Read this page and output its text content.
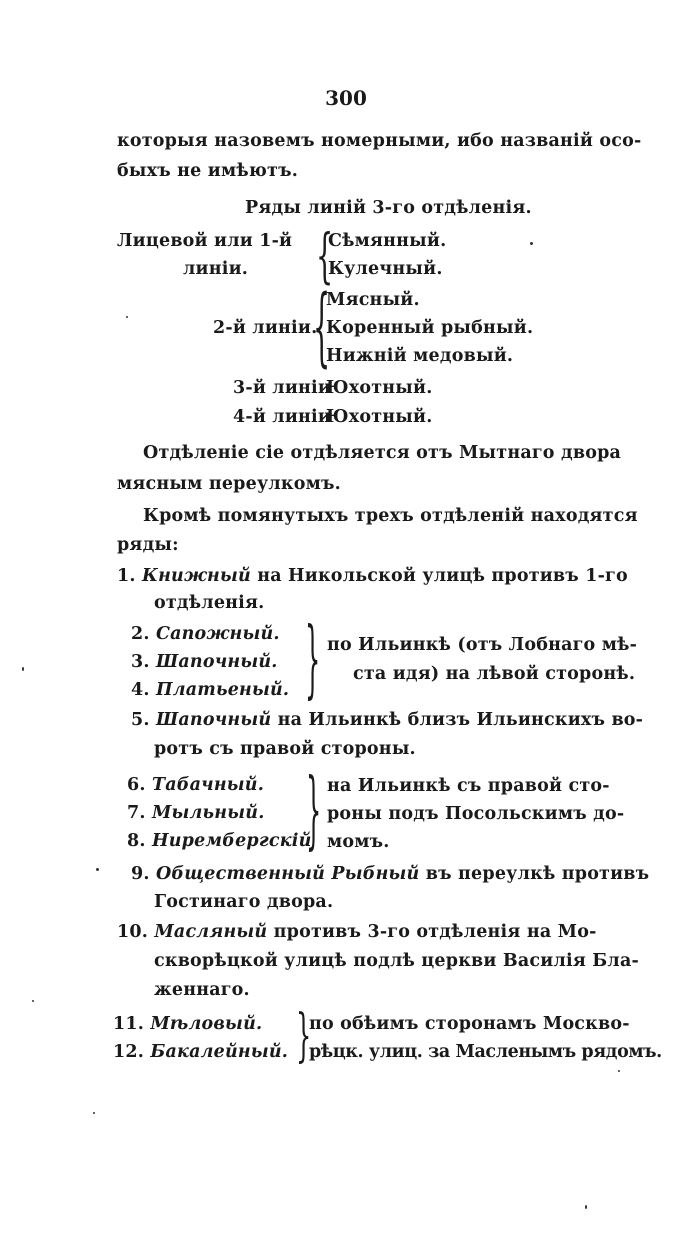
300
которыя назовемъ номерными, ибо названій осо-
быхъ не имѣютъ.
Ряды линій 3-го отдѣленія.
Лицевой или 1-й
линіи. {
Сѣмянный.
Кулечный.
2-й линіи.
{
Мясный.
Коренный рыбный.
Нижній медовый.
3-й линіи
Юхотный.
4-й линіи
Юхотный.
Отдѣленіе сіе отдѣляется отъ Мытнаго двора
мясным переулкомъ.
Кромѣ помянутыхъ трехъ отдѣленій находятся
ряды:
1. Книжный на Никольской улицѣ противъ 1-го
отдѣленія.
2. Сапожный.
3. Шапочный.
4. Платьеный. } по Ильинкѣ (отъ Лобнаго мѣ-
ста идя) на лѣвой сторонѣ.
5. Шапочный на Ильинкѣ близъ Ильинскихъ во-
ротъ съ правой стороны.
6. Табачный.
7. Мыльный.
8. Нирембергскій
} на Ильинкѣ съ правой сто-
роны подъ Посольскимъ до-
момъ.
9. Общественный Рыбный въ переулкѣ противъ
Гостинаго двора.
10. Масляный противъ 3-го отдѣленія на Мо-
скворѣцкой улицѣ подлѣ церкви Василія Бла-
женнаго.
11. Мѣловый.
12. Бакалейный. }
по обѣимъ сторонамъ Москво-
рѣцк. улиц. за Масленымъ рядомъ.
